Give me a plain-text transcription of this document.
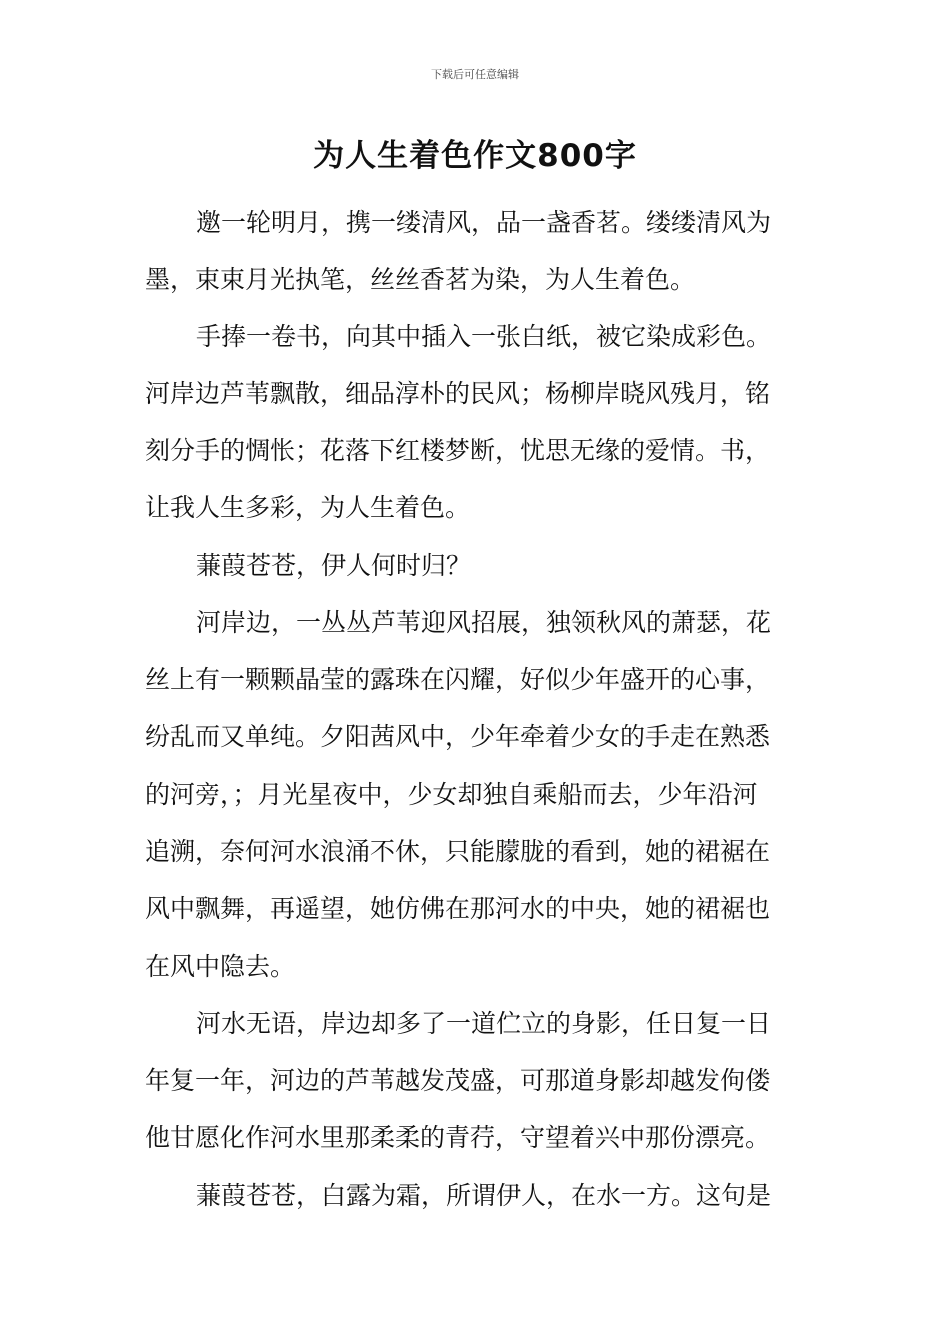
下载后可任意编辑
为人生着色作文800字
邀一轮明月，携一缕清风，品一盏香茗。缕缕清风为
墨，束束月光执笔，丝丝香茗为染，为人生着色。
手捧一卷书，向其中插入一张白纸，被它染成彩色。
河岸边芦苇飘散，细品淳朴的民风；杨柳岸晓风残月，铭
刻分手的惆怅；花落下红楼梦断，忧思无缘的爱情。书，
让我人生多彩，为人生着色。
蒹葭苍苍，伊人何时归？
河岸边，一丛丛芦苇迎风招展，独领秋风的萧瑟，花
丝上有一颗颗晶莹的露珠在闪耀，好似少年盛开的心事，
纷乱而又单纯。夕阳茜风中，少年牵着少女的手走在熟悉
的河旁，；月光星夜中，少女却独自乘船而去，少年沿河
追溯，奈何河水浪涌不休，只能朦胧的看到，她的裙裾在
风中飘舞，再遥望，她仿佛在那河水的中央，她的裙裾也
在风中隐去。
河水无语，岸边却多了一道伫立的身影，任日复一日
年复一年，河边的芦苇越发茂盛，可那道身影却越发佝偻
他甘愿化作河水里那柔柔的青荇，守望着兴中那份漂亮。
蒹葭苍苍，白露为霜，所谓伊人，在水一方。这句是
